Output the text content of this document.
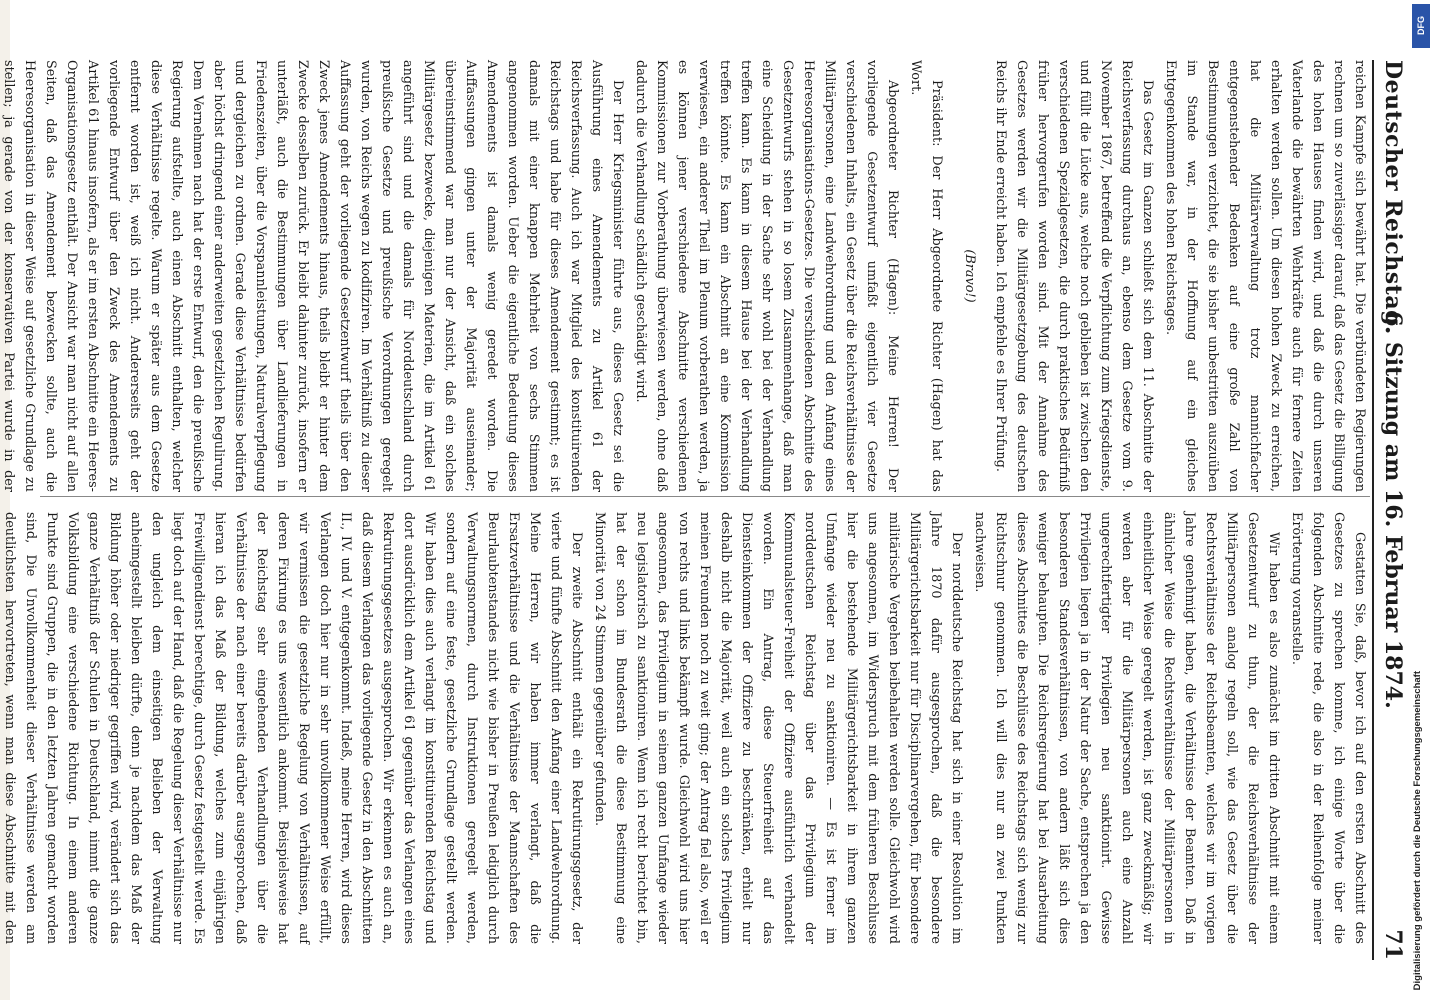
Deutscher Reichstag.
6. Sitzung am 16. Februar 1874.
71

reichen Kampfe sich bewährt hat. Die verbündeten Regierungen rechnen um so zuverlässiger darauf, daß das Gesetz die Billigung des hohen Hauses finden wird, und daß die durch unseren Vaterlande die bewährten Wehrkräfte auch für fernere Zeiten erhalten werden sollen. Um diesen hohen Zweck zu erreichen, hat die Militärverwaltung trotz mannichfacher entgegenstehender Bedenken auf eine große Zahl von Bestimmungen verzichtet, die sie bisher unbestritten auszuüben im Stande war, in der Hoffnung auf ein gleiches Entgegenkommen des hohen Reichstages.

Das Gesetz im Ganzen schließt sich dem 11. Abschnitte der Reichsverfassung durchaus an, ebenso dem Gesetze vom 9. November 1867, betreffend die Verpflichtung zum Kriegsdienste, und füllt die Lücke aus, welche noch geblieben ist zwischen den verschiedenen Spezialgesetzen, die durch praktisches Bedürfniß früher hervorgerufen worden sind. Mit der Annahme des Gesetzes werden wir die Militärgesetzgebung des deutschen Reichs ihr Ende erreicht haben. Ich empfehle es Ihrer Prüfung.

(Bravo!)

Präsident: Der Herr Abgeordnete Richter (Hagen) hat das Wort.

Abgeordneter Richter (Hagen): Meine Herren! Der vorliegende Gesetzentwurf umfaßt eigentlich vier Gesetze verschiedenen Inhalts, ein Gesetz über die Reichsverhältnisse der Militärpersonen, eine Landwehrordnung und den Anfang eines Heeresorganisations-Gesetzes. Die verschiedenen Abschnitte des Gesetzentwurfs stehen in so losem Zusammenhange, daß man eine Scheidung in der Sache sehr wohl bei der Verhandlung treffen kann. Es kann in diesem Hause bei der Verhandlung treffen könnte. Es kann ein Abschnitt an eine Kommission verwiesen, ein anderer Theil im Plenum vorberathen werden, ja es können jener verschiedene Abschnitte verschiedenen Kommissionen zur Vorberathung überwiesen werden, ohne daß dadurch die Verhandlung schädlich geschädigt wird.

Der Herr Kriegsminister führte aus, dieses Gesetz sei die Ausführung eines Amendements zu Artikel 61 der Reichsverfassung. Auch ich war Mitglied des konstituirenden Reichstags und habe für dieses Amendement gestimmt; es ist damals mit einer knappen Mehrheit von sechs Stimmen angenommen worden. Ueber die eigentliche Bedeutung dieses Amendements ist damals wenig geredet worden. Die Auffassungen gingen unter der Majorität auseinander; übereinstimmend war man nur der Ansicht, daß ein solches Militärgesetz bezwecke, diejenigen Materien, die im Artikel 61 angeführt sind und die damals für Norddeutschland durch preußische Gesetze und preußische Verordnungen geregelt wurden, von Reichs wegen zu kodifiziren. Im Verhältniß zu dieser Auffassung geht der vorliegende Gesetzentwurf theils über den Zweck jenes Amendements hinaus, theils bleibt er hinter dem Zwecke desselben zurück. Er bleibt dahinter zurück, insofern er unterläßt, auch die Bestimmungen über Landlieferungen in Friedenszeiten, über die Vorspannleistungen, Naturalverpflegung und dergleichen zu ordnen. Gerade diese Verhältnisse bedürfen aber höchst dringend einer anderweiten gesetzlichen Regulirung. Dem Vernehmen nach hat der erste Entwurf, den die preußische Regierung aufstellte, auch einen Abschnitt enthalten, welcher diese Verhältnisse regelte. Warum er später aus dem Gesetze entfernt worden ist, weiß ich nicht. Andererseits geht der vorliegende Entwurf über den Zweck des Amendements zu Artikel 61 hinaus insofern, als er im ersten Abschnitte ein Heeres-Organisationsgesetz enthält. Der Ansicht war man nicht auf allen Seiten, daß das Amendement bezwecken sollte, auch die Heeresorganisation in dieser Weise auf gesetzliche Grundlage zu stellen; ja gerade von der konservativen Partei wurde in der

Gestatten Sie, daß, bevor ich auf den ersten Abschnitt des Gesetzes zu sprechen komme, ich einige Worte über die folgenden Abschnitte rede, die also in der Reihenfolge meiner Erörterung voranstelle.

Wir haben es also zunächst im dritten Abschnitt mit einem Gesetzentwurf zu thun, der die Reichsverhältnisse der Militärpersonen analog regeln soll, wie das Gesetz über die Rechtsverhältnisse der Reichsbeamten, welches wir im vorigen Jahre genehmigt haben, die Verhältnisse der Beamten. Daß in ähnlicher Weise die Rechtsverhältnisse der Militärpersonen in einheitlicher Weise geregelt werden, ist ganz zweckmäßig; wir werden aber für die Militärpersonen auch eine Anzahl ungerechtfertigter Privilegien neu sanktionirt. Gewisse Privilegien liegen ja in der Natur der Sache, entsprechen ja den besonderen Standesverhältnissen, von andern läßt sich dies weniger behaupten. Die Reichsregierung hat bei Ausarbeitung dieses Abschnittes die Beschlüsse des Reichstags sich wenig zur Richtschnur genommen. Ich will dies nur an zwei Punkten nachweisen.

Der norddeutsche Reichstag hat sich in einer Resolution im Jahre 1870 dafür ausgesprochen, daß die besondere Militärgerichtsbarkeit nur für Disciplinarvergehen, für besondere militärische Vergehen beibehalten werden solle. Gleichwohl wird uns angesonnen, im Widerspruch mit dem früheren Beschlusse hier die bestehende Militärgerichtsbarkeit in ihrem ganzen Umfange wieder neu zu sanktioniren. — Es ist ferner im norddeutschen Reichstag über das Privilegium der Kommunalsteuer-Freiheit der Offiziere ausführlich verhandelt worden. Ein Antrag, diese Steuerfreiheit auf das Diensteinkommen der Offiziere zu beschränken, erhielt nur deshalb nicht die Majorität, weil auch ein solches Privilegium meinen Freunden noch zu weit ging; der Antrag fiel also, weil er von rechts und links bekämpft wurde. Gleichwohl wird uns hier angesonnen, das Privilegium in seinem ganzen Umfange wieder neu legislatorisch zu sanktioniren. Wenn ich recht berichtet bin, hat der schon im Bundesrath die diese Bestimmung eine Minorität von 24 Stimmen gegenüber gefunden.

Der zweite Abschnitt enthält ein Rekrutirungsgesetz, der vierte und fünfte Abschnitt den Anfang einer Landwehrordnung. Meine Herren, wir haben immer verlangt, daß die Ersatzverhältnisse und die Verhältnisse der Mannschaften des Beurlaubtenstandes nicht wie bisher in Preußen lediglich durch Verwaltungsnormen, durch Instruktionen geregelt werden, sondern auf eine feste, gesetzliche Grundlage gestellt werden. Wir haben dies auch verlangt im konstituirenden Reichstag und dort ausdrücklich dem Artikel 61 gegenüber das Verlangen eines Rekrutirungsgesetzes ausgesprochen. Wir erkennen es auch an, daß diesem Verlangen das vorliegende Gesetz in den Abschnitten II., IV. und V. entgegenkommt. Indeß, meine Herren, wird dieses Verlangen doch hier nur in sehr unvollkommener Weise erfüllt, wir vermissen die gesetzliche Regelung von Verhältnissen, auf deren Fixirung es uns wesentlich ankommt. Beispielsweise hat der Reichstag sehr eingehenden Verhandlungen über die Verhältnisse der nach einer bereits darüber ausgesprochen, daß hieran ich das Maß der Bildung, welches zum einjährigen Freiwilligendienst berechtige, durch Gesetz festgestellt werde. Es liegt doch auf der Hand, daß die Regelung dieser Verhältnisse nur den ungleich dem einseitigen Belieben der Verwaltung anheimgestellt bleiben dürfte, denn je nachdem das Maß der Bildung höher oder niedriger gegriffen wird, verändert sich das ganze Verhältniß der Schulen in Deutschland, nimmt die ganze Volksbildung eine verschiedene Richtung. In einem anderen Punkte sind Gruppen, die in den letzten Jahren gemacht worden sind, Die Unvollkommenheit dieser Verhältnisse werden am deutlichsten hervortreten, wenn man diese Abschnitte mit den

DFG
Digitalisierung gefördert durch die Deutsche Forschungsgemeinschaft
